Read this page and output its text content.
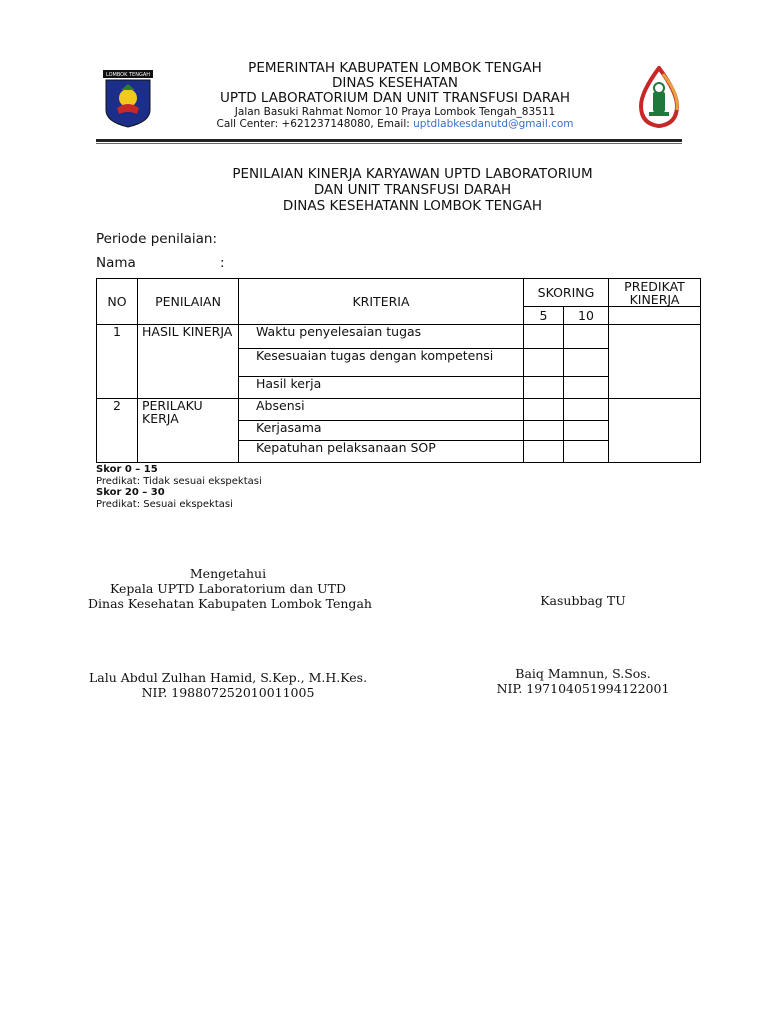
LOMBOK TENGAH	PEMERINTAH KABUPATEN LOMBOK TENGAH
DINAS KESEHATAN
UPTD LABORATORIUM DAN UNIT TRANSFUSI DARAH
Jalan Basuki Rahmat Nomor 10 Praya Lombok Tengah_83511
Call Center: +621237148080, Email: uptdlabkesdanutd@gmail.com
PENILAIAN KINERJA KARYAWAN UPTD LABORATORIUM
DAN UNIT TRANSFUSI DARAH
DINAS KESEHATANN LOMBOK TENGAH
Periode penilaian:
Nama	:
NO	PENILAIAN	KRITERIA	SKORING		PREDIKAT KINERJA
			5	10	
1	HASIL KINERJA	Waktu penyelesaian tugas			
		Kesesuaian tugas dengan kompetensi			
		Hasil kerja			
2	PERILAKU KERJA	Absensi			
		Kerjasama			
		Kepatuhan pelaksanaan SOP			
Skor 0 – 15
Predikat: Tidak sesuai ekspektasi
Skor 20 – 30
Predikat: Sesuai ekspektasi
Mengetahui
Kepala UPTD Laboratorium dan UTD
Dinas Kesehatan Kabupaten Lombok Tengah
Lalu Abdul Zulhan Hamid, S.Kep., M.H.Kes.
NIP. 198807252010011005
Kasubbag TU
Baiq Mamnun, S.Sos.
NIP. 197104051994122001
